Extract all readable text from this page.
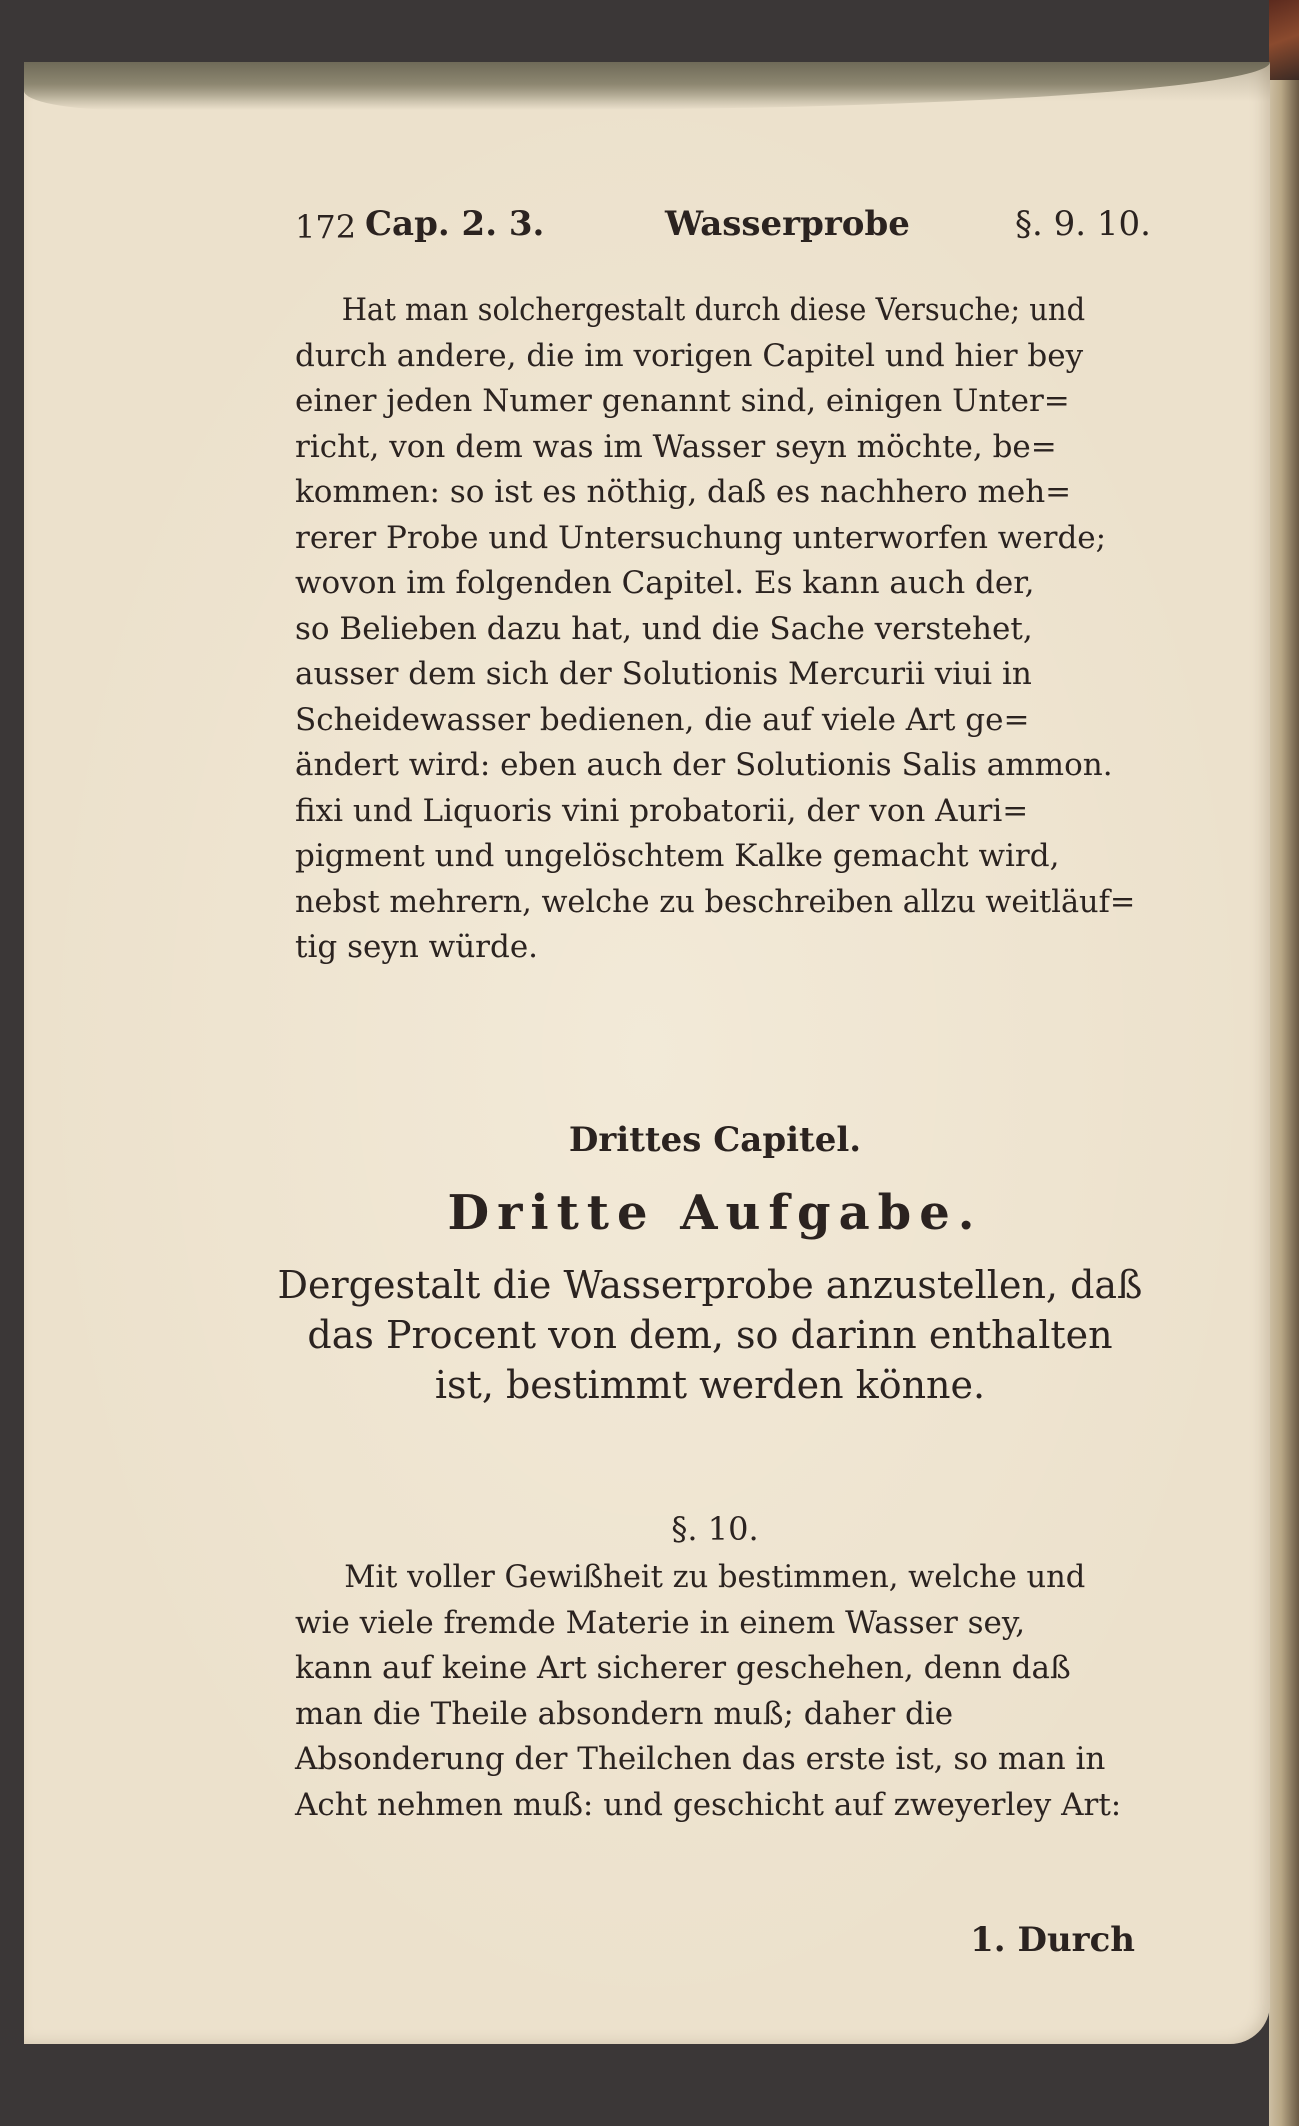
172 Cap. 2. 3.	Wasserprobe	§. 9. 10.
Hat man solchergestalt durch diese Versuche; und
durch andere, die im vorigen Capitel und hier bey
einer jeden Numer genannt sind, einigen Unter=
richt, von dem was im Wasser seyn möchte, be=
kommen: so ist es nöthig, daß es nachhero meh=
rerer Probe und Untersuchung unterworfen werde;
wovon im folgenden Capitel. Es kann auch der,
so Belieben dazu hat, und die Sache verstehet,
ausser dem sich der Solutionis Mercurii viui in
Scheidewasser bedienen, die auf viele Art ge=
ändert wird: eben auch der Solutionis Salis ammon.
fixi und Liquoris vini probatorii, der von Auri=
pigment und ungelöschtem Kalke gemacht wird,
nebst mehrern, welche zu beschreiben allzu weitläuf=
tig seyn würde.
Drittes Capitel.
Dritte Aufgabe.
Dergestalt die Wasserprobe anzustellen, daß
das Procent von dem, so darinn enthalten
ist, bestimmt werden könne.
§. 10.
Mit voller Gewißheit zu bestimmen, welche und
wie viele fremde Materie in einem Wasser sey,
kann auf keine Art sicherer geschehen, denn daß
man die Theile absondern muß; daher die
Absonderung der Theilchen das erste ist, so man in
Acht nehmen muß: und geschicht auf zweyerley Art:
1. Durch
